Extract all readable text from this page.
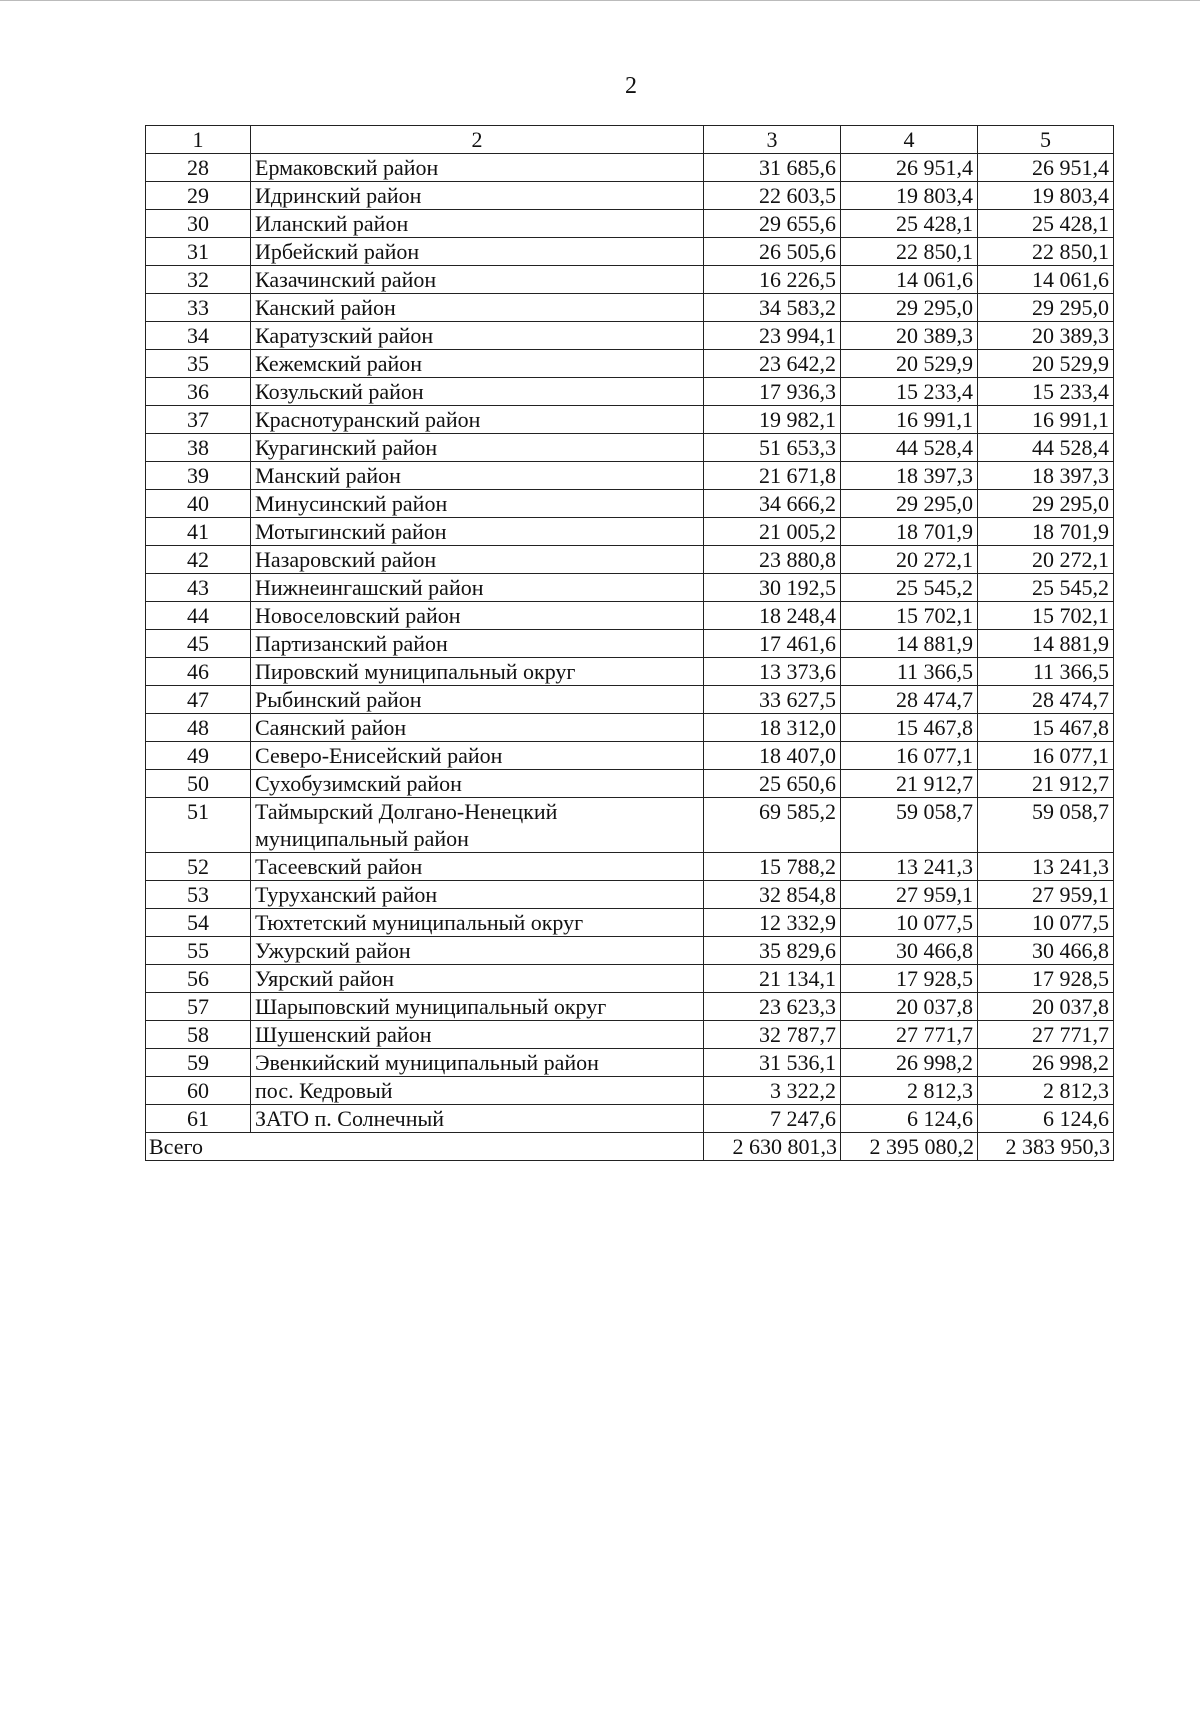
2
1	2	3	4	5
28	Ермаковский район	31 685,6	26 951,4	26 951,4
29	Идринский район	22 603,5	19 803,4	19 803,4
30	Иланский район	29 655,6	25 428,1	25 428,1
31	Ирбейский район	26 505,6	22 850,1	22 850,1
32	Казачинский район	16 226,5	14 061,6	14 061,6
33	Канский район	34 583,2	29 295,0	29 295,0
34	Каратузский район	23 994,1	20 389,3	20 389,3
35	Кежемский район	23 642,2	20 529,9	20 529,9
36	Козульский район	17 936,3	15 233,4	15 233,4
37	Краснотуранский район	19 982,1	16 991,1	16 991,1
38	Курагинский район	51 653,3	44 528,4	44 528,4
39	Манский район	21 671,8	18 397,3	18 397,3
40	Минусинский район	34 666,2	29 295,0	29 295,0
41	Мотыгинский район	21 005,2	18 701,9	18 701,9
42	Назаровский район	23 880,8	20 272,1	20 272,1
43	Нижнеингашский район	30 192,5	25 545,2	25 545,2
44	Новоселовский район	18 248,4	15 702,1	15 702,1
45	Партизанский район	17 461,6	14 881,9	14 881,9
46	Пировский муниципальный округ	13 373,6	11 366,5	11 366,5
47	Рыбинский район	33 627,5	28 474,7	28 474,7
48	Саянский район	18 312,0	15 467,8	15 467,8
49	Северо-Енисейский район	18 407,0	16 077,1	16 077,1
50	Сухобузимский район	25 650,6	21 912,7	21 912,7
51	Таймырский Долгано-Ненецкий муниципальный район	69 585,2	59 058,7	59 058,7
52	Тасеевский район	15 788,2	13 241,3	13 241,3
53	Туруханский район	32 854,8	27 959,1	27 959,1
54	Тюхтетский муниципальный округ	12 332,9	10 077,5	10 077,5
55	Ужурский район	35 829,6	30 466,8	30 466,8
56	Уярский район	21 134,1	17 928,5	17 928,5
57	Шарыповский муниципальный округ	23 623,3	20 037,8	20 037,8
58	Шушенский район	32 787,7	27 771,7	27 771,7
59	Эвенкийский муниципальный район	31 536,1	26 998,2	26 998,2
60	пос. Кедровый	3 322,2	2 812,3	2 812,3
61	ЗАТО п. Солнечный	7 247,6	6 124,6	6 124,6
Всего		2 630 801,3	2 395 080,2	2 383 950,3
